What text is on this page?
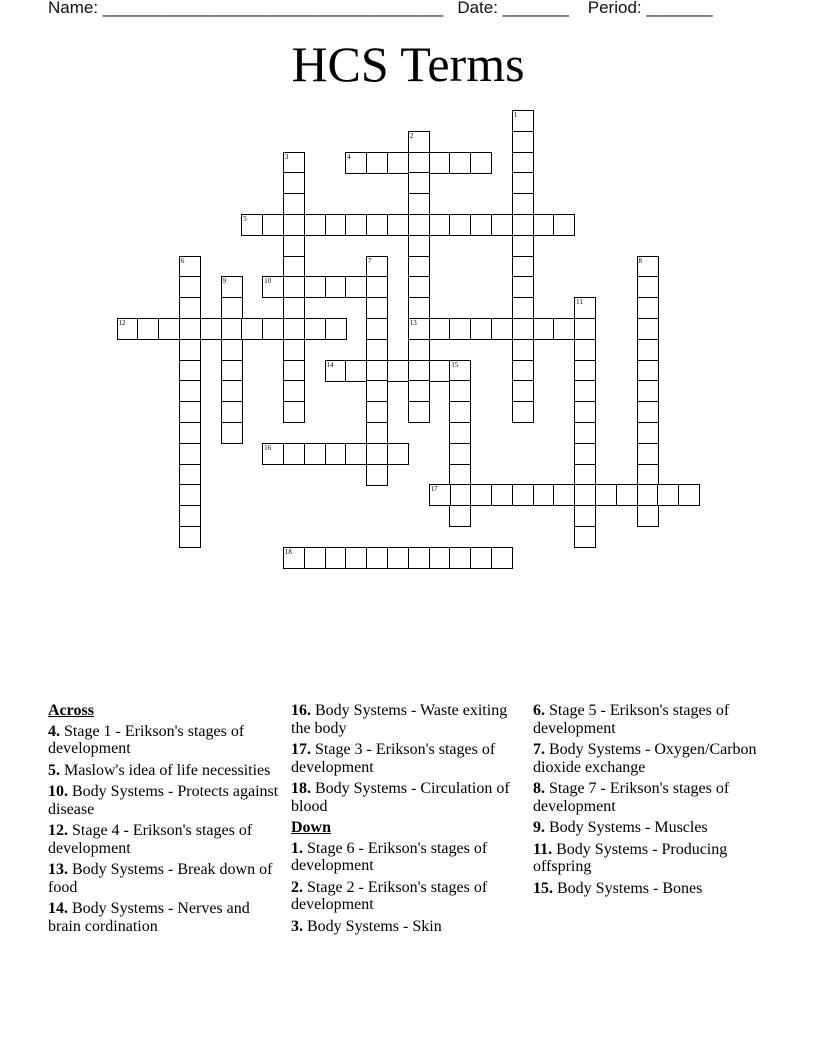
Name: ____________________________________   Date: _______    Period: _______
HCS Terms
1
2
13
3	4
5
6	7	8
9	10
11
12
14	15
16
17
18
Across
4. Stage 1 - Erikson's stages of development
5. Maslow's idea of life necessities
10. Body Systems - Protects against disease
12. Stage 4 - Erikson's stages of development
13. Body Systems - Break down of food
14. Body Systems - Nerves and brain cordination
16. Body Systems - Waste exiting the body
17. Stage 3 - Erikson's stages of development
18. Body Systems - Circulation of blood
Down
1. Stage 6 - Erikson's stages of development
2. Stage 2 - Erikson's stages of development
3. Body Systems - Skin
6. Stage 5 - Erikson's stages of development
7. Body Systems - Oxygen/Carbon dioxide exchange
8. Stage 7 - Erikson's stages of development
9. Body Systems - Muscles
11. Body Systems - Producing offspring
15. Body Systems - Bones
